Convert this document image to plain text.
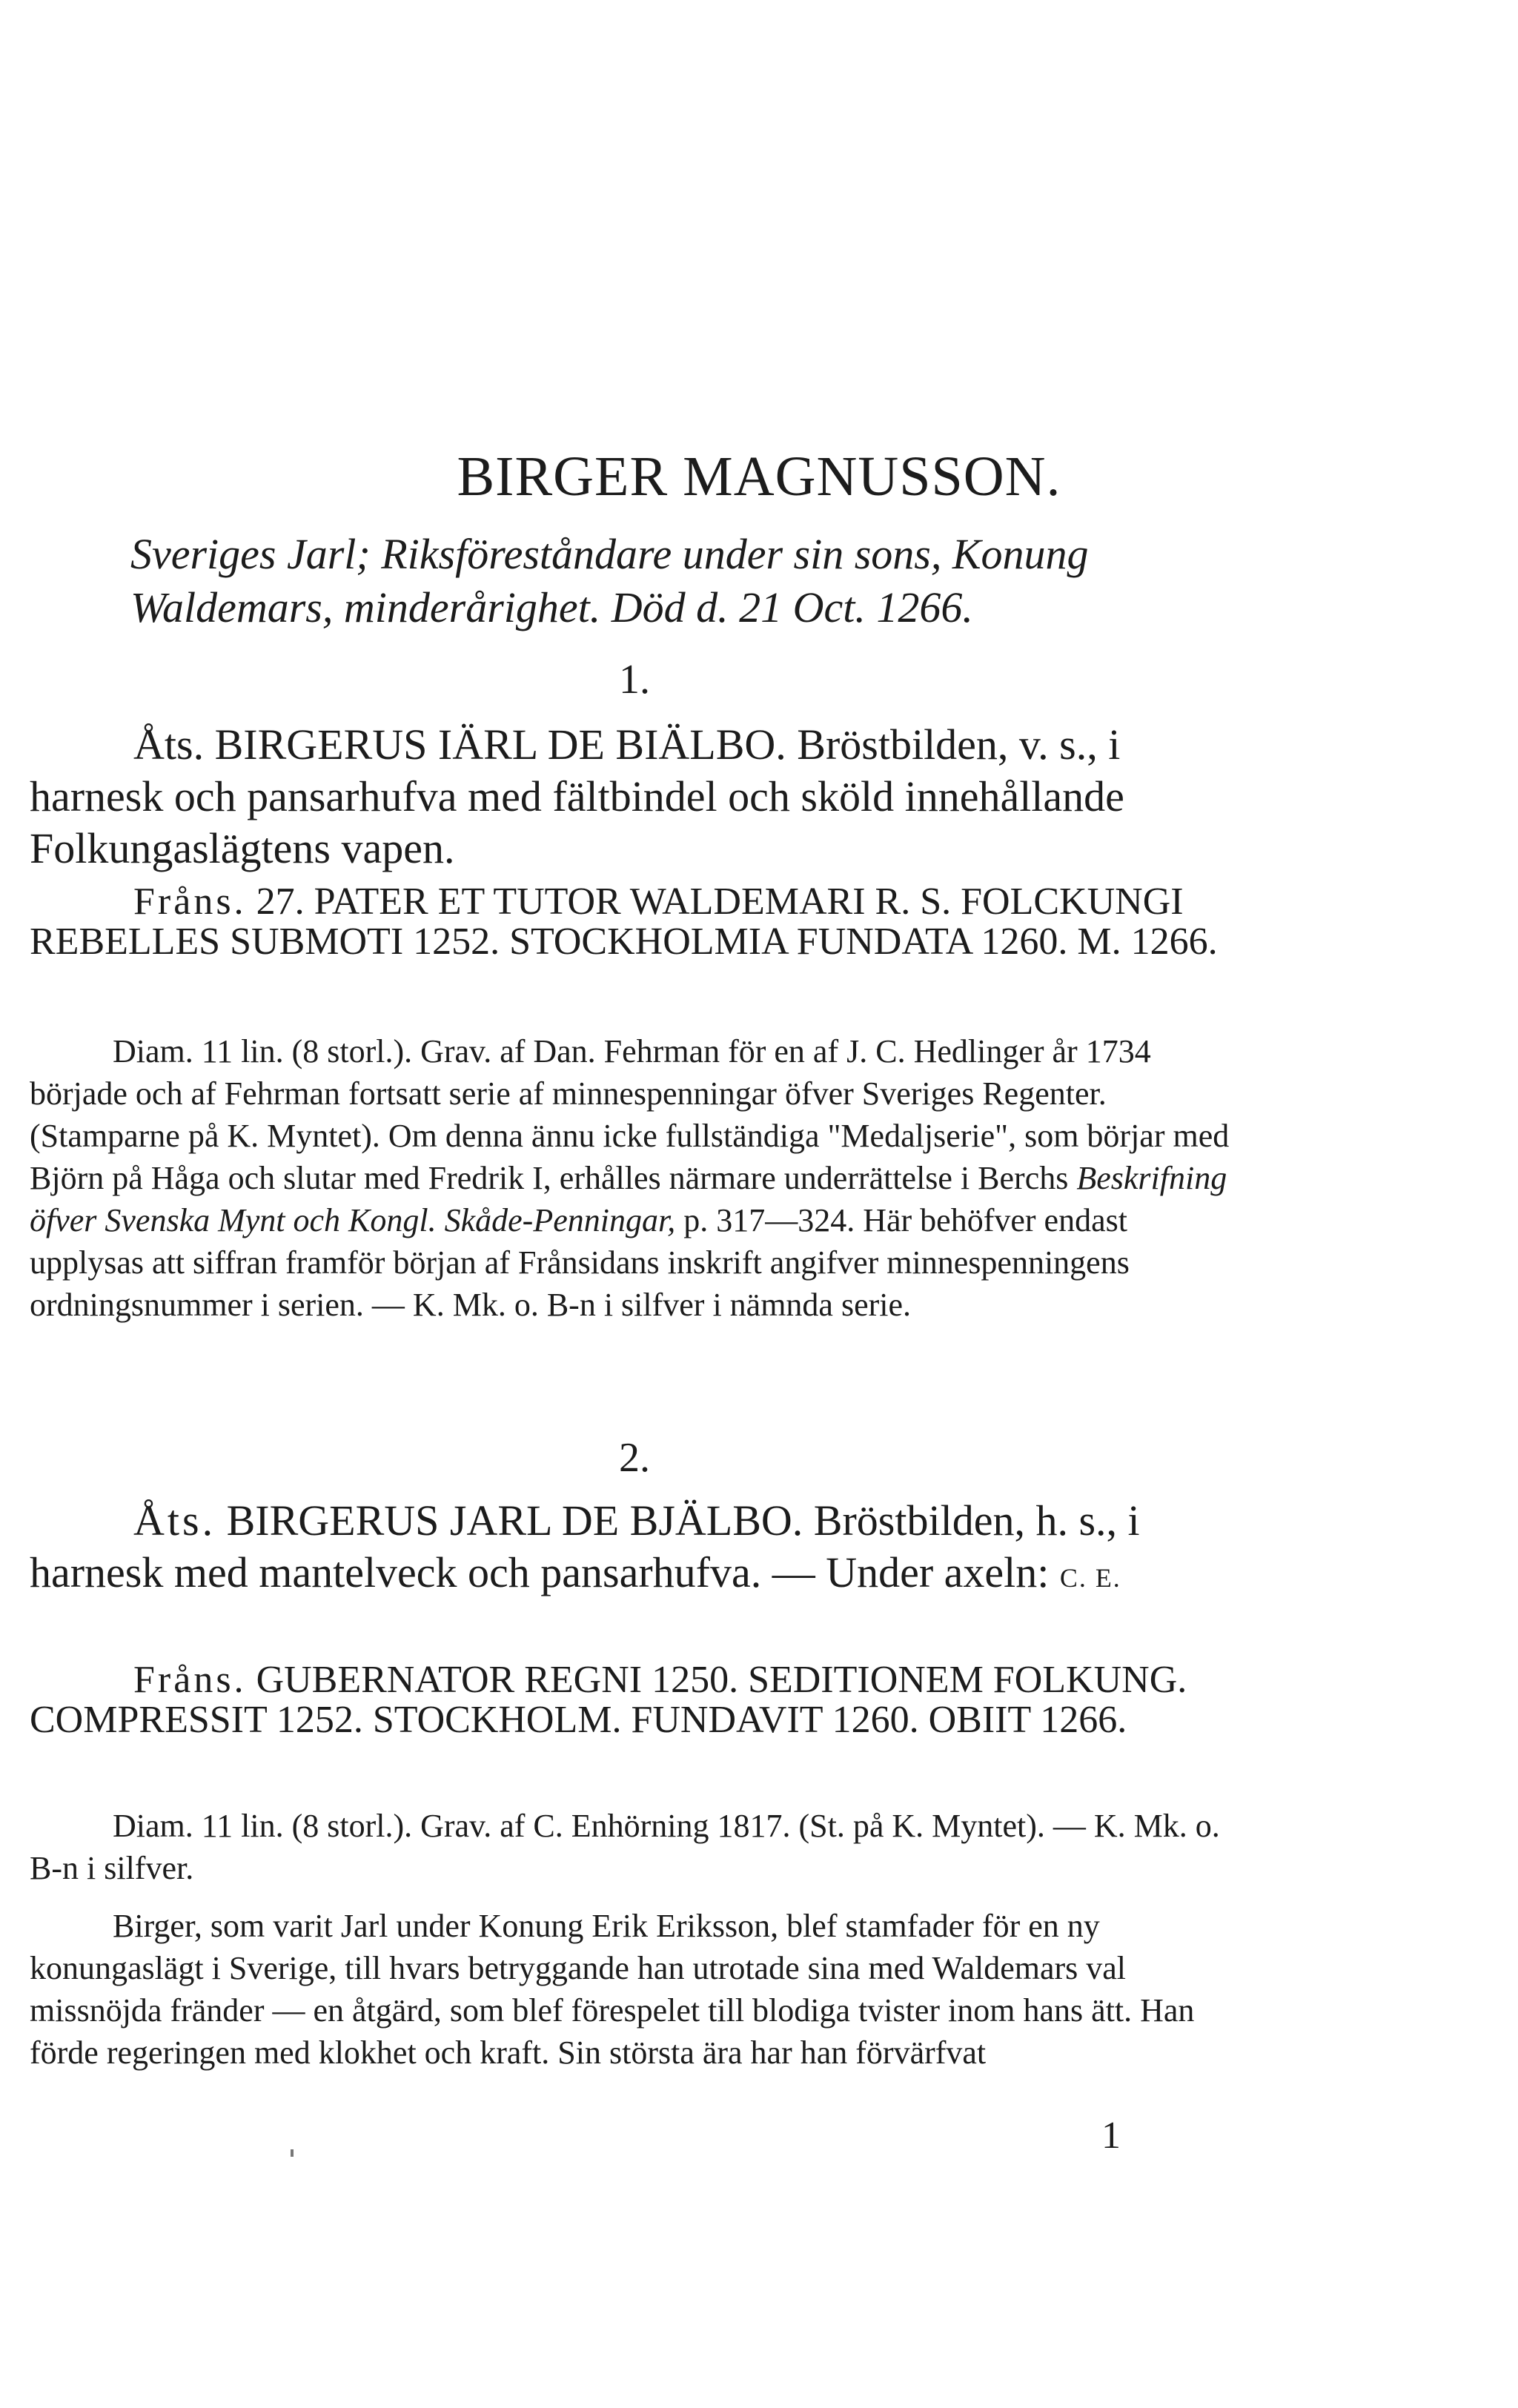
BIRGER MAGNUSSON.
Sveriges Jarl; Riksföreståndare under sin sons, Konung
Waldemars, minderårighet. Död d. 21 Oct. 1266.
1.

Åts. BIRGERUS IÄRL DE BIÄLBO. Bröstbilden, v. s., i harnesk och pansarhufva med fältbindel och sköld innehållande Folkungaslägtens vapen.

Fråns. 27. PATER ET TUTOR WALDEMARI R. S. FOLCKUNGI REBELLES SUBMOTI 1252. STOCKHOLMIA FUNDATA 1260. M. 1266.

Diam. 11 lin. (8 storl.). Grav. af Dan. Fehrman för en af J. C. Hedlinger år 1734 började och af Fehrman fortsatt serie af minnespenningar öfver Sveriges Regenter. (Stamparne på K. Myntet). Om denna ännu icke fullständiga "Medaljserie", som börjar med Björn på Håga och slutar med Fredrik I, erhålles närmare underrättelse i Berchs Beskrifning öfver Svenska Mynt och Kongl. Skåde-Penningar, p. 317—324. Här behöfver endast upplysas att siffran framför början af Frånsidans inskrift angifver minnespenningens ordningsnummer i serien. — K. Mk. o. B-n i silfver i nämnda serie.

2.

Åts. BIRGERUS JARL DE BJÄLBO. Bröstbilden, h. s., i harnesk med mantelveck och pansarhufva. — Under axeln: C. E.

Fråns. GUBERNATOR REGNI 1250. SEDITIONEM FOLKUNG. COMPRESSIT 1252. STOCKHOLM. FUNDAVIT 1260. OBIIT 1266.

Diam. 11 lin. (8 storl.). Grav. af C. Enhörning 1817. (St. på K. Myntet). — K. Mk. o. B-n i silfver.

Birger, som varit Jarl under Konung Erik Eriksson, blef stamfader för en ny konungaslägt i Sverige, till hvars betryggande han utrotade sina med Waldemars val missnöjda fränder — en åtgärd, som blef förespelet till blodiga tvister inom hans ätt. Han förde regeringen med klokhet och kraft. Sin största ära har han förvärfvat

1
